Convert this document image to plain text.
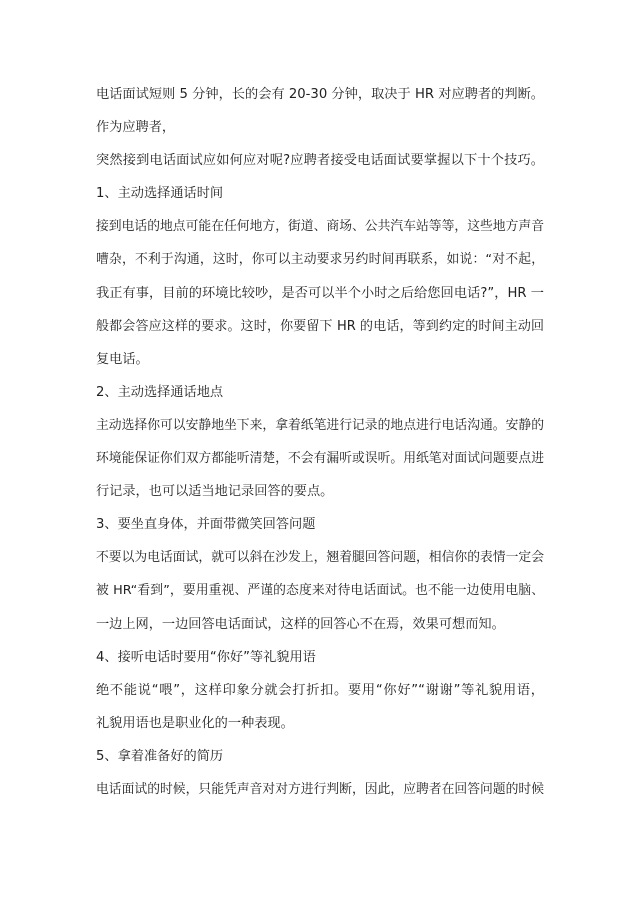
电话面试短则 5 分钟，长的会有 20-30 分钟，取决于 HR 对应聘者的判断。
作为应聘者，
突然接到电话面试应如何应对呢?应聘者接受电话面试要掌握以下十个技巧。
1、主动选择通话时间
接到电话的地点可能在任何地方，街道、商场、公共汽车站等等，这些地方声音
嘈杂，不利于沟通，这时，你可以主动要求另约时间再联系，如说：“对不起，
我正有事，目前的环境比较吵，是否可以半个小时之后给您回电话?”，HR 一
般都会答应这样的要求。这时，你要留下 HR 的电话，等到约定的时间主动回
复电话。
2、主动选择通话地点
主动选择你可以安静地坐下来，拿着纸笔进行记录的地点进行电话沟通。安静的
环境能保证你们双方都能听清楚，不会有漏听或误听。用纸笔对面试问题要点进
行记录，也可以适当地记录回答的要点。
3、要坐直身体，并面带微笑回答问题
不要以为电话面试，就可以斜在沙发上，翘着腿回答问题，相信你的表情一定会
被 HR“看到”，要用重视、严谨的态度来对待电话面试。也不能一边使用电脑、
一边上网，一边回答电话面试，这样的回答心不在焉，效果可想而知。
4、接听电话时要用“你好”等礼貌用语
绝不能说“喂”，这样印象分就会打折扣。要用“你好”“谢谢”等礼貌用语，
礼貌用语也是职业化的一种表现。
5、拿着准备好的简历
电话面试的时候，只能凭声音对对方进行判断，因此，应聘者在回答问题的时候
